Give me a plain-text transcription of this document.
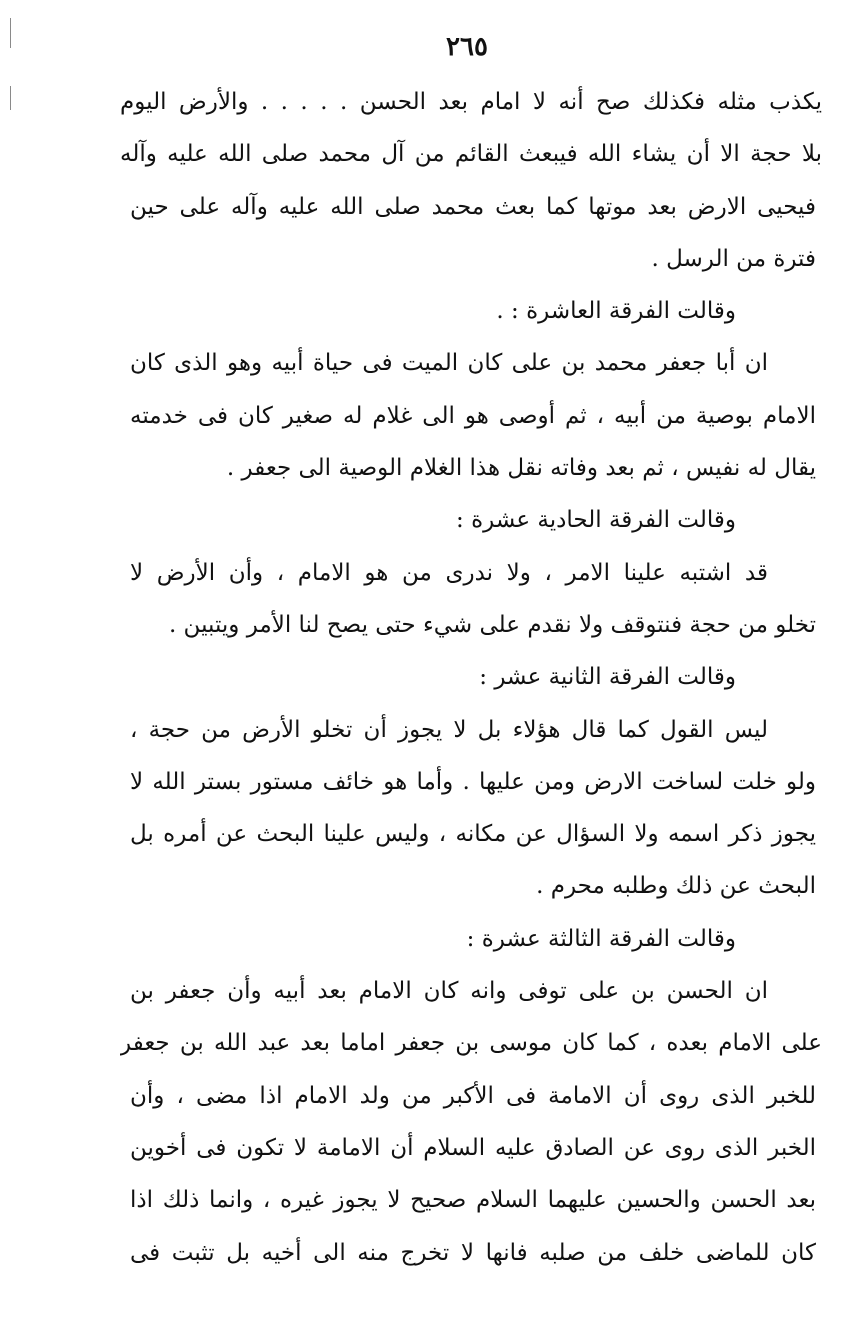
٢٦٥
يكذب مثله فكذلك صح أنه لا امام بعد الحسن . . . . . والأرض اليوم
بلا حجة الا أن يشاء الله فيبعث القائم من آل محمد صلى الله عليه وآله
فيحيى الارض بعد موتها كما بعث محمد صلى الله عليه وآله على حين
فترة من الرسل .
وقالت الفرقة العاشرة : .
ان أبا جعفر محمد بن على كان الميت فى حياة أبيه وهو الذى كان
الامام بوصية من أبيه ، ثم أوصى هو الى غلام له صغير كان فى خدمته
يقال له نفيس ، ثم بعد وفاته نقل هذا الغلام الوصية الى جعفر .
وقالت الفرقة الحادية عشرة :
قد اشتبه علينا الامر ، ولا ندرى من هو الامام ، وأن الأرض لا
تخلو من حجة فنتوقف ولا نقدم على شيء حتى يصح لنا الأمر ويتبين .
وقالت الفرقة الثانية عشر :
ليس القول كما قال هؤلاء بل لا يجوز أن تخلو الأرض من حجة ،
ولو خلت لساخت الارض ومن عليها . وأما هو خائف مستور بستر الله لا
يجوز ذكر اسمه ولا السؤال عن مكانه ، وليس علينا البحث عن أمره بل
البحث عن ذلك وطلبه محرم .
وقالت الفرقة الثالثة عشرة :
ان الحسن بن على توفى وانه كان الامام بعد أبيه وأن جعفر بن
على الامام بعده ، كما كان موسى بن جعفر اماما بعد عبد الله بن جعفر
للخبر الذى روى أن الامامة فى الأكبر من ولد الامام اذا مضى ، وأن
الخبر الذى روى عن الصادق عليه السلام أن الامامة لا تكون فى أخوين
بعد الحسن والحسين عليهما السلام صحيح لا يجوز غيره ، وانما ذلك اذا
كان للماضى خلف من صلبه فانها لا تخرج منه الى أخيه بل تثبت فى
